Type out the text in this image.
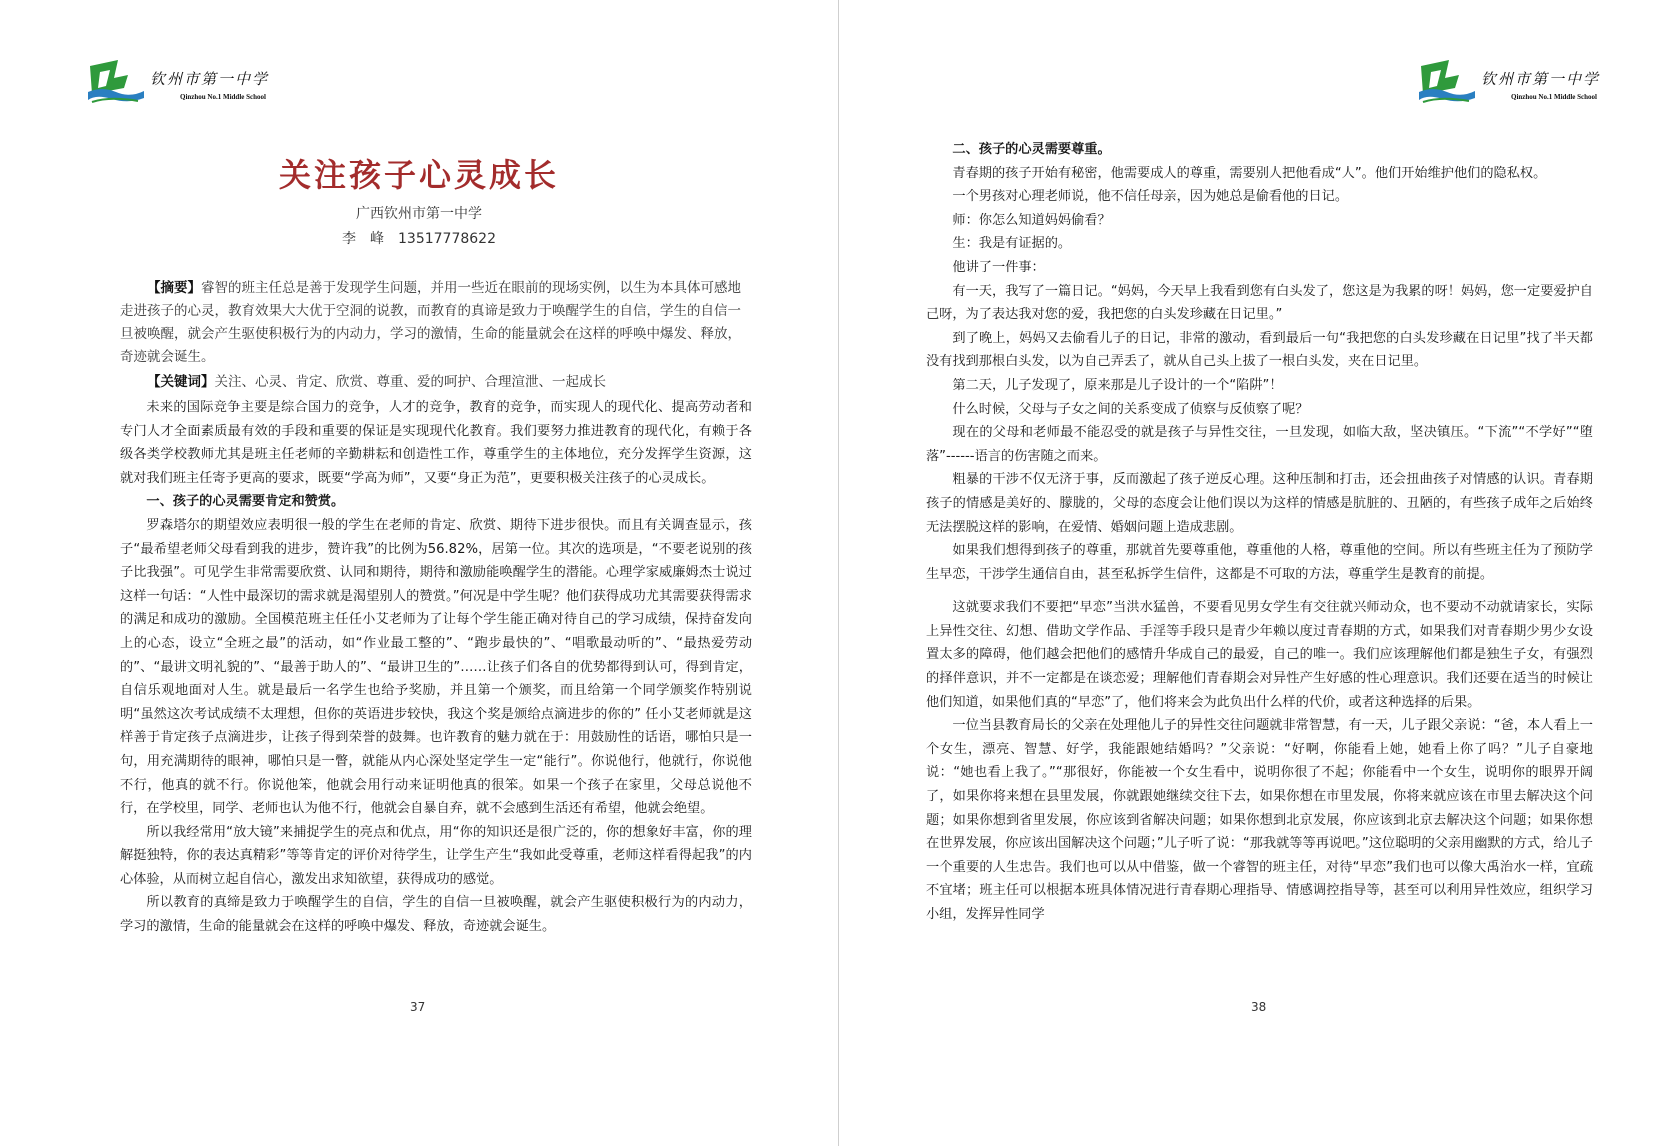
钦州市第一中学
Qinzhou No.1 Middle School
关注孩子心灵成长
广西钦州市第一中学
李　峰　13517778622

【摘要】睿智的班主任总是善于发现学生问题，并用一些近在眼前的现场实例，以生为本具体可感地走进孩子的心灵，教育效果大大优于空洞的说教，而教育的真谛是致力于唤醒学生的自信，学生的自信一旦被唤醒，就会产生驱使积极行为的内动力，学习的激情，生命的能量就会在这样的呼唤中爆发、释放，奇迹就会诞生。

【关键词】关注、心灵、肯定、欣赏、尊重、爱的呵护、合理渲泄、一起成长

未来的国际竞争主要是综合国力的竞争，人才的竞争，教育的竞争，而实现人的现代化、提高劳动者和专门人才全面素质最有效的手段和重要的保证是实现现代化教育。我们要努力推进教育的现代化，有赖于各级各类学校教师尤其是班主任老师的辛勤耕耘和创造性工作，尊重学生的主体地位，充分发挥学生资源，这就对我们班主任寄予更高的要求，既要“学高为师”，又要“身正为范”，更要积极关注孩子的心灵成长。

一、孩子的心灵需要肯定和赞赏。

罗森塔尔的期望效应表明很一般的学生在老师的肯定、欣赏、期待下进步很快。而且有关调查显示，孩子“最希望老师父母看到我的进步，赞许我”的比例为56.82%，居第一位。其次的选项是，“不要老说别的孩子比我强”。可见学生非常需要欣赏、认同和期待，期待和激励能唤醒学生的潜能。心理学家威廉姆杰士说过这样一句话：“人性中最深切的需求就是渴望别人的赞赏。”何况是中学生呢？他们获得成功尤其需要获得需求的满足和成功的激励。全国模范班主任任小艾老师为了让每个学生能正确对待自己的学习成绩，保持奋发向上的心态，设立“全班之最”的活动，如“作业最工整的”、“跑步最快的”、“唱歌最动听的”、“最热爱劳动的”、“最讲文明礼貌的”、“最善于助人的”、“最讲卫生的”……让孩子们各自的优势都得到认可，得到肯定，自信乐观地面对人生。就是最后一名学生也给予奖励，并且第一个颁奖，而且给第一个同学颁奖作特别说明“虽然这次考试成绩不太理想，但你的英语进步较快，我这个奖是颁给点滴进步的你的” 任小艾老师就是这样善于肯定孩子点滴进步，让孩子得到荣誉的鼓舞。也许教育的魅力就在于：用鼓励性的话语，哪怕只是一句，用充满期待的眼神，哪怕只是一瞥，就能从内心深处坚定学生一定“能行”。你说他行，他就行，你说他不行，他真的就不行。你说他笨，他就会用行动来证明他真的很笨。如果一个孩子在家里，父母总说他不行，在学校里，同学、老师也认为他不行，他就会自暴自弃，就不会感到生活还有希望，他就会绝望。

所以我经常用“放大镜”来捕捉学生的亮点和优点，用“你的知识还是很广泛的，你的想象好丰富，你的理解挺独特，你的表达真精彩”等等肯定的评价对待学生，让学生产生“我如此受尊重，老师这样看得起我”的内心体验，从而树立起自信心，激发出求知欲望，获得成功的感觉。

所以教育的真缔是致力于唤醒学生的自信，学生的自信一旦被唤醒，就会产生驱使积极行为的内动力，学习的激情，生命的能量就会在这样的呼唤中爆发、释放，奇迹就会诞生。

37
钦州市第一中学
Qinzhou No.1 Middle School

二、孩子的心灵需要尊重。

青春期的孩子开始有秘密，他需要成人的尊重，需要别人把他看成“人”。他们开始维护他们的隐私权。

一个男孩对心理老师说，他不信任母亲，因为她总是偷看他的日记。

师：你怎么知道妈妈偷看？

生：我是有证据的。

他讲了一件事：

有一天，我写了一篇日记。“妈妈，今天早上我看到您有白头发了，您这是为我累的呀！妈妈，您一定要爱护自己呀，为了表达我对您的爱，我把您的白头发珍藏在日记里。”

到了晚上，妈妈又去偷看儿子的日记，非常的激动，看到最后一句“我把您的白头发珍藏在日记里”找了半天都没有找到那根白头发，以为自己弄丢了，就从自己头上拔了一根白头发，夹在日记里。

第二天，儿子发现了，原来那是儿子设计的一个“陷阱”！

什么时候，父母与子女之间的关系变成了侦察与反侦察了呢？

现在的父母和老师最不能忍受的就是孩子与异性交往，一旦发现，如临大敌，坚决镇压。“下流”“不学好”“堕落”------语言的伤害随之而来。

粗暴的干涉不仅无济于事，反而激起了孩子逆反心理。这种压制和打击，还会扭曲孩子对情感的认识。青春期孩子的情感是美好的、朦胧的，父母的态度会让他们误以为这样的情感是肮脏的、丑陋的，有些孩子成年之后始终无法摆脱这样的影响，在爱情、婚姻问题上造成悲剧。

如果我们想得到孩子的尊重，那就首先要尊重他，尊重他的人格，尊重他的空间。所以有些班主任为了预防学生早恋，干涉学生通信自由，甚至私拆学生信件，这都是不可取的方法，尊重学生是教育的前提。

这就要求我们不要把“早恋”当洪水猛兽，不要看见男女学生有交往就兴师动众，也不要动不动就请家长，实际上异性交往、幻想、借助文学作品、手淫等手段只是青少年赖以度过青春期的方式，如果我们对青春期少男少女设置太多的障碍，他们越会把他们的感情升华成自己的最爱，自己的唯一。我们应该理解他们都是独生子女，有强烈的择伴意识，并不一定都是在谈恋爱；理解他们青春期会对异性产生好感的性心理意识。我们还要在适当的时候让他们知道，如果他们真的“早恋”了，他们将来会为此负出什么样的代价，或者这种选择的后果。

一位当县教育局长的父亲在处理他儿子的异性交往问题就非常智慧，有一天，儿子跟父亲说：“爸，本人看上一个女生，漂亮、智慧、好学，我能跟她结婚吗？”父亲说：“好啊，你能看上她，她看上你了吗？”儿子自豪地说：“她也看上我了。”“那很好，你能被一个女生看中，说明你很了不起；你能看中一个女生，说明你的眼界开阔了，如果你将来想在县里发展，你就跟她继续交往下去，如果你想在市里发展，你将来就应该在市里去解决这个问题；如果你想到省里发展，你应该到省解决问题；如果你想到北京发展，你应该到北京去解决这个问题；如果你想在世界发展，你应该出国解决这个问题；”儿子听了说：“那我就等等再说吧。”这位聪明的父亲用幽默的方式，给儿子一个重要的人生忠告。我们也可以从中借鉴，做一个睿智的班主任，对待“早恋”我们也可以像大禹治水一样，宜疏不宜堵；班主任可以根据本班具体情况进行青春期心理指导、情感调控指导等，甚至可以利用异性效应，组织学习小组，发挥异性同学

38
